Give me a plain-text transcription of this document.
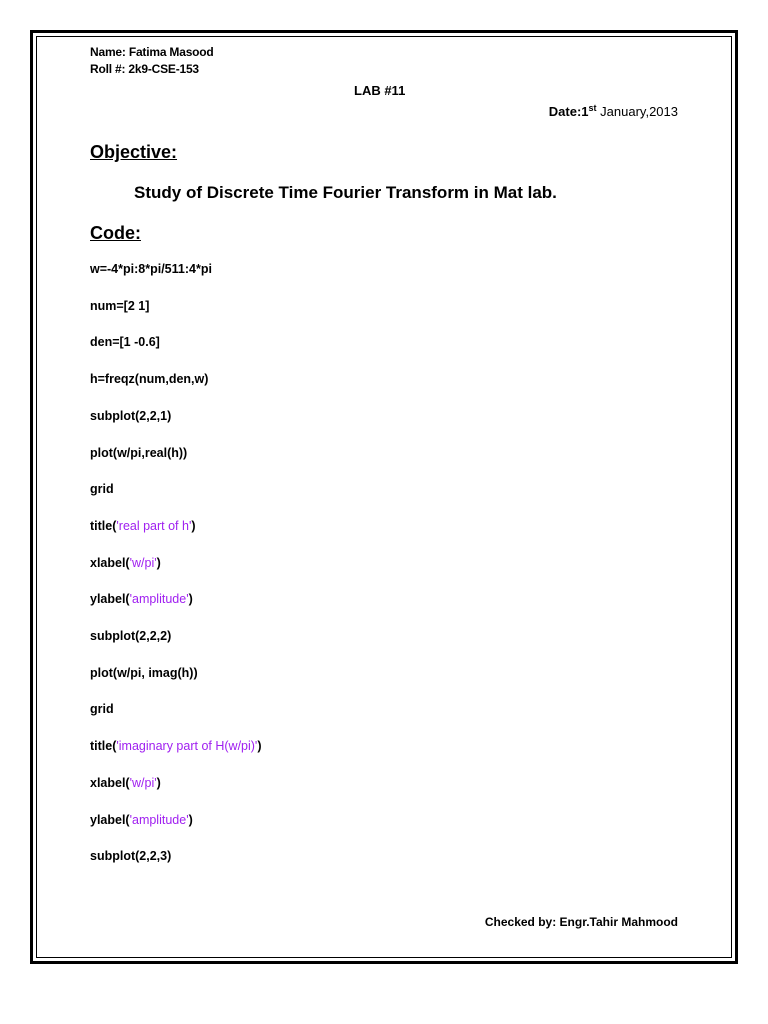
Name: Fatima Masood
Roll #: 2k9-CSE-153
LAB #11
Date:1st January,2013
Objective:
Study of Discrete Time Fourier Transform in Mat lab.
Code:
w=-4*pi:8*pi/511:4*pi
num=[2 1]
den=[1 -0.6]
h=freqz(num,den,w)
subplot(2,2,1)
plot(w/pi,real(h))
grid
title('real part of h')
xlabel('w/pi')
ylabel('amplitude')
subplot(2,2,2)
plot(w/pi, imag(h))
grid
title('imaginary part of H(w/pi)')
xlabel('w/pi')
ylabel('amplitude')
subplot(2,2,3)
Checked by: Engr.Tahir Mahmood
